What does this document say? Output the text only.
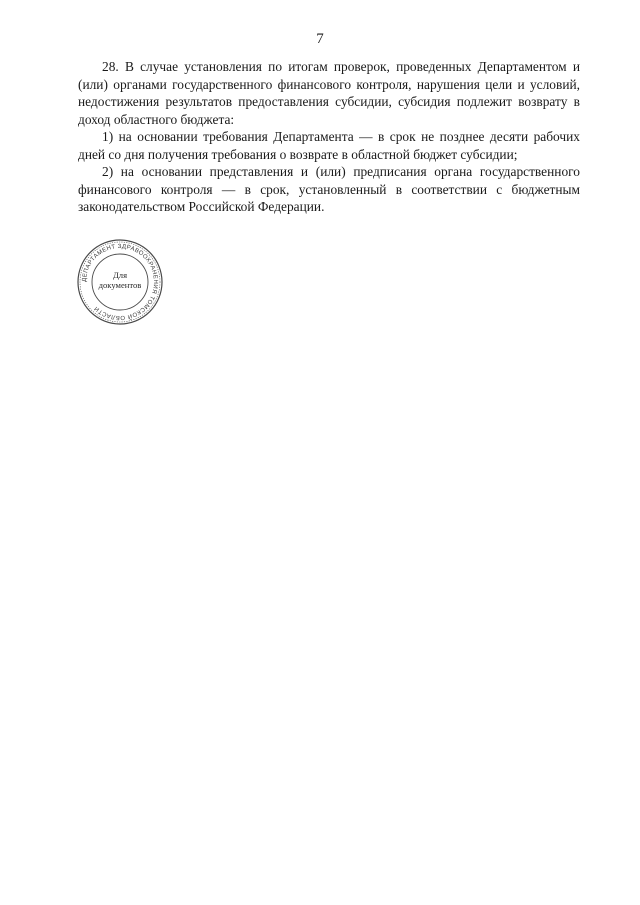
7

28. В случае установления по итогам проверок, проведенных Департаментом и (или) органами государственного финансового контроля, нарушения цели и условий, недостижения результатов предоставления субсидии, субсидия подлежит возврату в доход областного бюджета:

1) на основании требования Департамента — в срок не позднее десяти рабочих дней со дня получения требования о возврате в областной бюджет субсидии;

2) на основании представления и (или) предписания органа государственного финансового контроля — в срок, установленный в соответствии с бюджетным законодательством Российской Федерации.

ДЕПАРТАМЕНТ ЗДРАВООХРАНЕНИЯ ТОМСКОЙ ОБЛАСТИ
Для
документов
